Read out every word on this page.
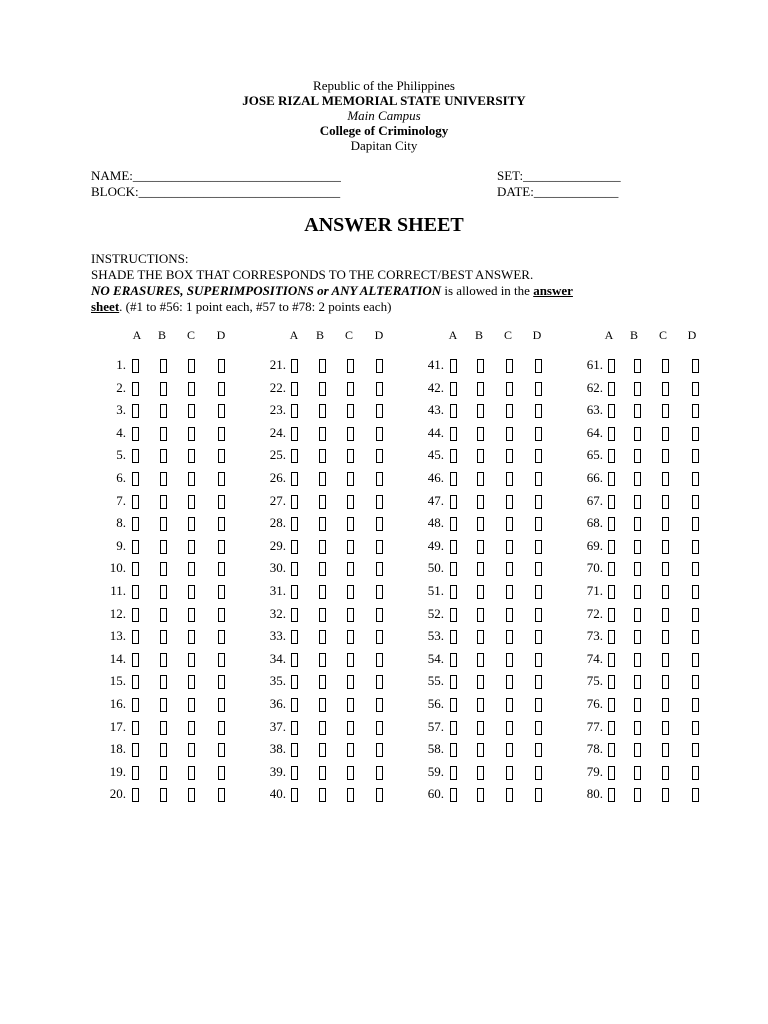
Republic of the Philippines
JOSE RIZAL MEMORIAL STATE UNIVERSITY
Main Campus
College of Criminology
Dapitan City
NAME:________________________________	SET:_______________
BLOCK:_______________________________	DATE:_____________
ANSWER SHEET
INSTRUCTIONS:
SHADE THE BOX THAT CORRESPONDS TO THE CORRECT/BEST ANSWER.
NO ERASURES, SUPERIMPOSITIONS or ANY ALTERATION is allowed in the answer
sheet. (#1 to #56: 1 point each, #57 to #78: 2 points each)
A B C D
1.
2.
3.
4.
5.
6.
7.
8.
9.
10.
11.
12.
13.
14.
15.
16.
17.
18.
19.
20.
A B C D
21.
22.
23.
24.
25.
26.
27.
28.
29.
30.
31.
32.
33.
34.
35.
36.
37.
38.
39.
40.
A B C D
41.
42.
43.
44.
45.
46.
47.
48.
49.
50.
51.
52.
53.
54.
55.
56.
57.
58.
59.
60.
A B C D
61.
62.
63.
64.
65.
66.
67.
68.
69.
70.
71.
72.
73.
74.
75.
76.
77.
78.
79.
80.
